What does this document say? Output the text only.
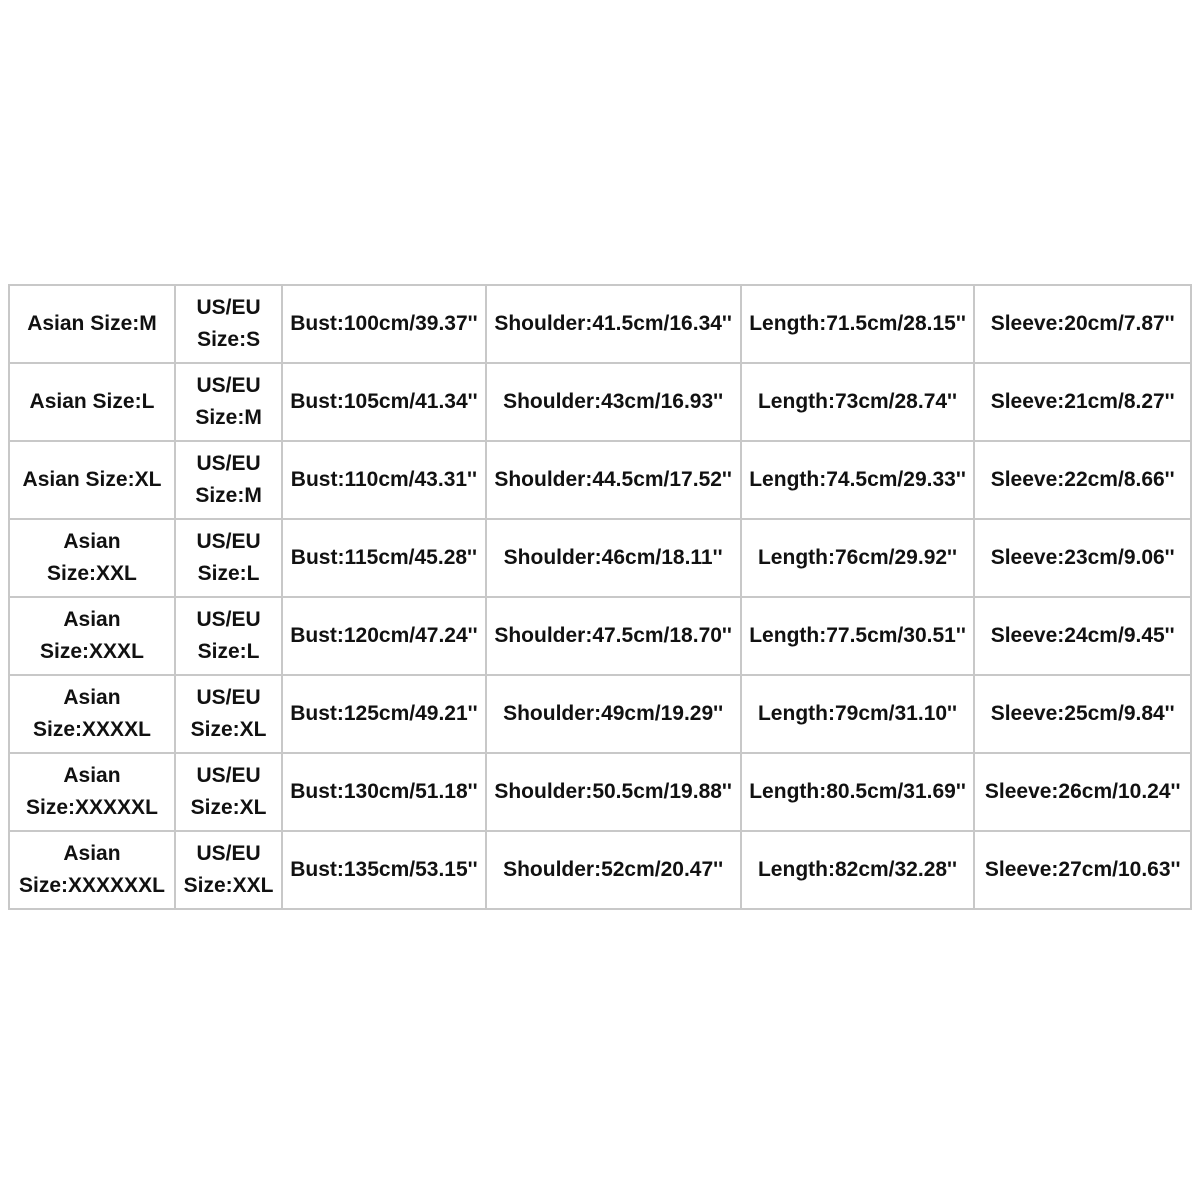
Asian Size:M	US/EU Size:S	Bust:100cm/39.37''	Shoulder:41.5cm/16.34''	Length:71.5cm/28.15''	Sleeve:20cm/7.87''
Asian Size:L	US/EU Size:M	Bust:105cm/41.34''	Shoulder:43cm/16.93''	Length:73cm/28.74''	Sleeve:21cm/8.27''
Asian Size:XL	US/EU Size:M	Bust:110cm/43.31''	Shoulder:44.5cm/17.52''	Length:74.5cm/29.33''	Sleeve:22cm/8.66''
Asian Size:XXL	US/EU Size:L	Bust:115cm/45.28''	Shoulder:46cm/18.11''	Length:76cm/29.92''	Sleeve:23cm/9.06''
Asian Size:XXXL	US/EU Size:L	Bust:120cm/47.24''	Shoulder:47.5cm/18.70''	Length:77.5cm/30.51''	Sleeve:24cm/9.45''
Asian Size:XXXXL	US/EU Size:XL	Bust:125cm/49.21''	Shoulder:49cm/19.29''	Length:79cm/31.10''	Sleeve:25cm/9.84''
Asian Size:XXXXXL	US/EU Size:XL	Bust:130cm/51.18''	Shoulder:50.5cm/19.88''	Length:80.5cm/31.69''	Sleeve:26cm/10.24''
Asian Size:XXXXXXL	US/EU Size:XXL	Bust:135cm/53.15''	Shoulder:52cm/20.47''	Length:82cm/32.28''	Sleeve:27cm/10.63''
